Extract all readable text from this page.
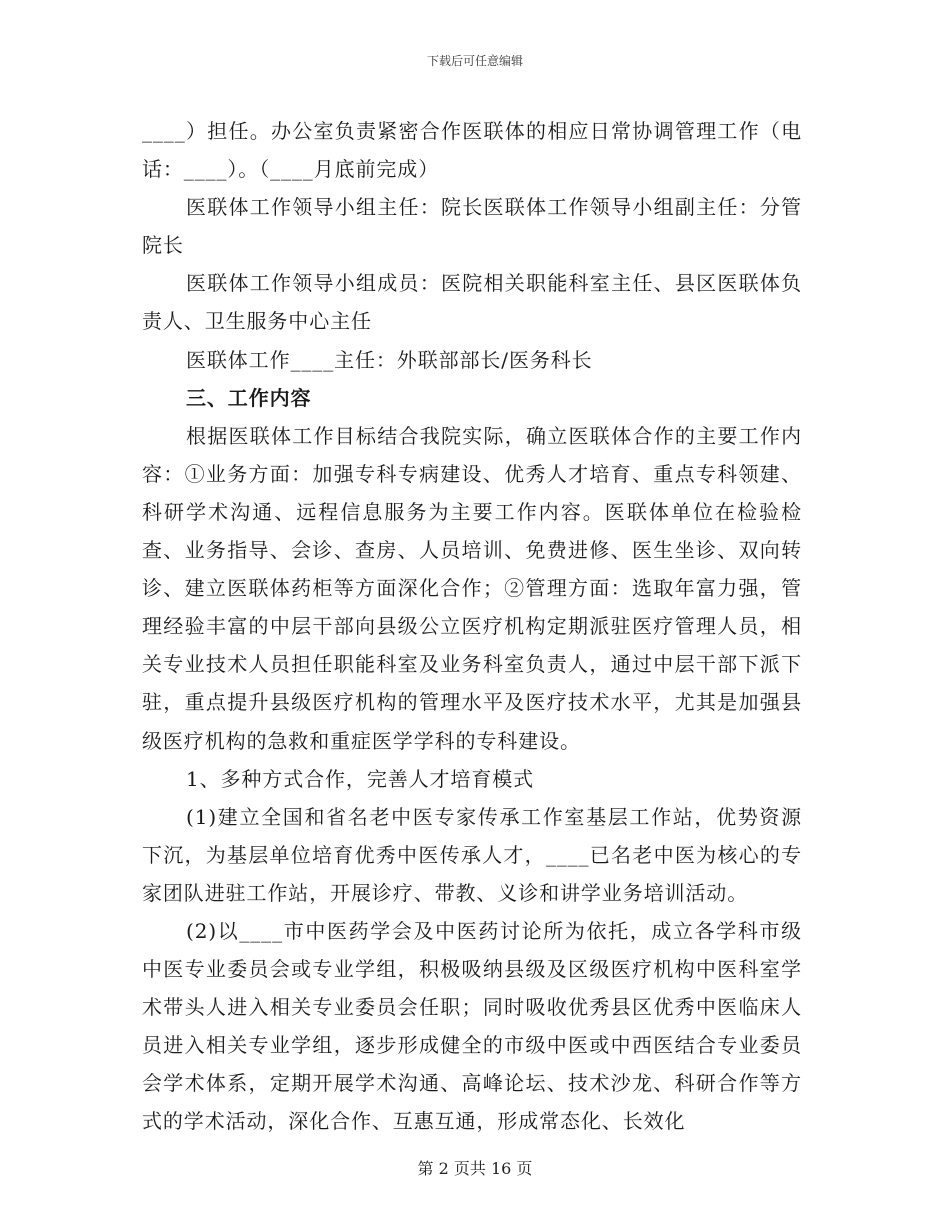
下载后可任意编辑

____）担任。办公室负责紧密合作医联体的相应日常协调管理工作（电话：____）。（____月底前完成）

医联体工作领导小组主任：院长医联体工作领导小组副主任：分管院长

医联体工作领导小组成员：医院相关职能科室主任、县区医联体负责人、卫生服务中心主任

医联体工作____主任：外联部部长/医务科长

三、工作内容

根据医联体工作目标结合我院实际，确立医联体合作的主要工作内容：①业务方面：加强专科专病建设、优秀人才培育、重点专科领建、科研学术沟通、远程信息服务为主要工作内容。医联体单位在检验检查、业务指导、会诊、查房、人员培训、免费进修、医生坐诊、双向转诊、建立医联体药柜等方面深化合作；②管理方面：选取年富力强，管理经验丰富的中层干部向县级公立医疗机构定期派驻医疗管理人员，相关专业技术人员担任职能科室及业务科室负责人，通过中层干部下派下驻，重点提升县级医疗机构的管理水平及医疗技术水平，尤其是加强县级医疗机构的急救和重症医学学科的专科建设。

1、多种方式合作，完善人才培育模式

(1)建立全国和省名老中医专家传承工作室基层工作站，优势资源下沉，为基层单位培育优秀中医传承人才，____已名老中医为核心的专家团队进驻工作站，开展诊疗、带教、义诊和讲学业务培训活动。

(2)以____市中医药学会及中医药讨论所为依托，成立各学科市级中医专业委员会或专业学组，积极吸纳县级及区级医疗机构中医科室学术带头人进入相关专业委员会任职；同时吸收优秀县区优秀中医临床人员进入相关专业学组，逐步形成健全的市级中医或中西医结合专业委员会学术体系，定期开展学术沟通、高峰论坛、技术沙龙、科研合作等方式的学术活动，深化合作、互惠互通，形成常态化、长效化

第 2 页共 16 页
